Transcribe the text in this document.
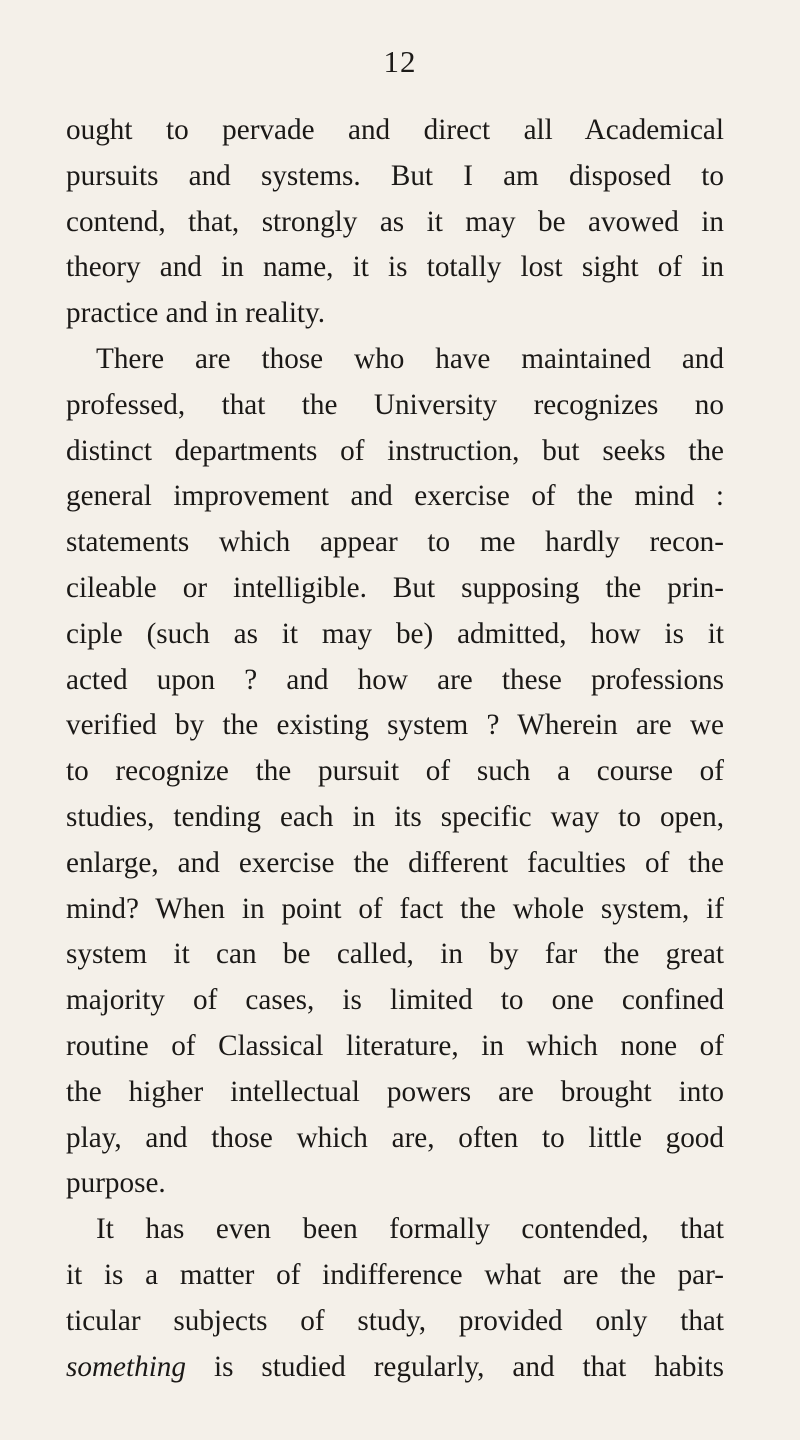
12
ought to pervade and direct all Academical
pursuits and systems. But I am disposed to
contend, that, strongly as it may be avowed in
theory and in name, it is totally lost sight of in
practice and in reality.
There are those who have maintained and
professed, that the University recognizes no
distinct departments of instruction, but seeks the
general improvement and exercise of the mind :
statements which appear to me hardly recon-
cileable or intelligible. But supposing the prin-
ciple (such as it may be) admitted, how is it
acted upon ? and how are these professions
verified by the existing system ? Wherein are we
to recognize the pursuit of such a course of
studies, tending each in its specific way to open,
enlarge, and exercise the different faculties of the
mind? When in point of fact the whole system, if
system it can be called, in by far the great
majority of cases, is limited to one confined
routine of Classical literature, in which none of
the higher intellectual powers are brought into
play, and those which are, often to little good
purpose.
It has even been formally contended, that
it is a matter of indifference what are the par-
ticular subjects of study, provided only that
something is studied regularly, and that habits
